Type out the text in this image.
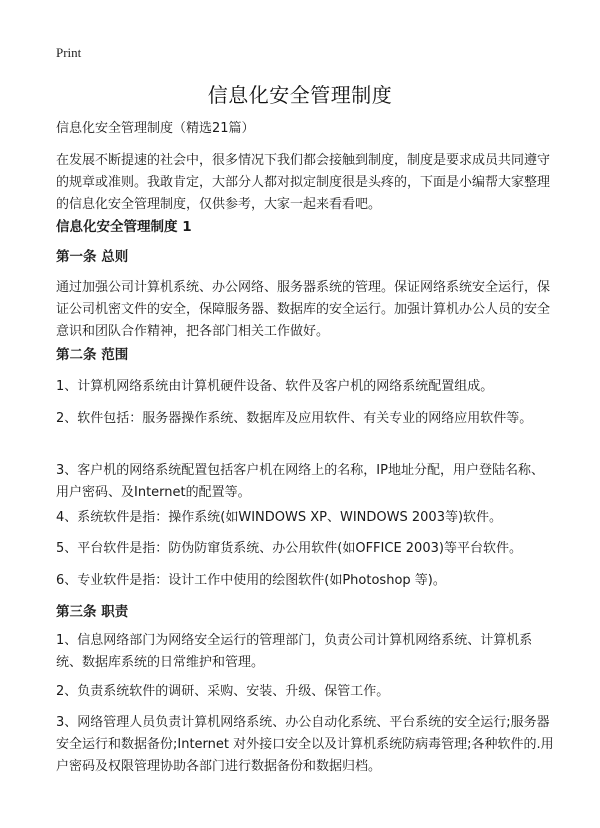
Print
信息化安全管理制度
信息化安全管理制度（精选21篇）
在发展不断提速的社会中，很多情况下我们都会接触到制度，制度是要求成员共同遵守的规章或准则。我敢肯定，大部分人都对拟定制度很是头疼的，下面是小编帮大家整理的信息化安全管理制度，仅供参考，大家一起来看看吧。
信息化安全管理制度 1
第一条 总则
通过加强公司计算机系统、办公网络、服务器系统的管理。保证网络系统安全运行，保证公司机密文件的安全，保障服务器、数据库的安全运行。加强计算机办公人员的安全意识和团队合作精神，把各部门相关工作做好。
第二条 范围
1、计算机网络系统由计算机硬件设备、软件及客户机的网络系统配置组成。
2、软件包括：服务器操作系统、数据库及应用软件、有关专业的网络应用软件等。
3、客户机的网络系统配置包括客户机在网络上的名称，IP地址分配，用户登陆名称、用户密码、及Internet的配置等。
4、系统软件是指：操作系统(如WINDOWS XP、WINDOWS 2003等)软件。
5、平台软件是指：防伪防窜货系统、办公用软件(如OFFICE 2003)等平台软件。
6、专业软件是指：设计工作中使用的绘图软件(如Photoshop 等)。
第三条 职责
1、信息网络部门为网络安全运行的管理部门，负责公司计算机网络系统、计算机系统、数据库系统的日常维护和管理。
2、负责系统软件的调研、采购、安装、升级、保管工作。
3、网络管理人员负责计算机网络系统、办公自动化系统、平台系统的安全运行;服务器安全运行和数据备份;Internet 对外接口安全以及计算机系统防病毒管理;各种软件的.用户密码及权限管理协助各部门进行数据备份和数据归档。
